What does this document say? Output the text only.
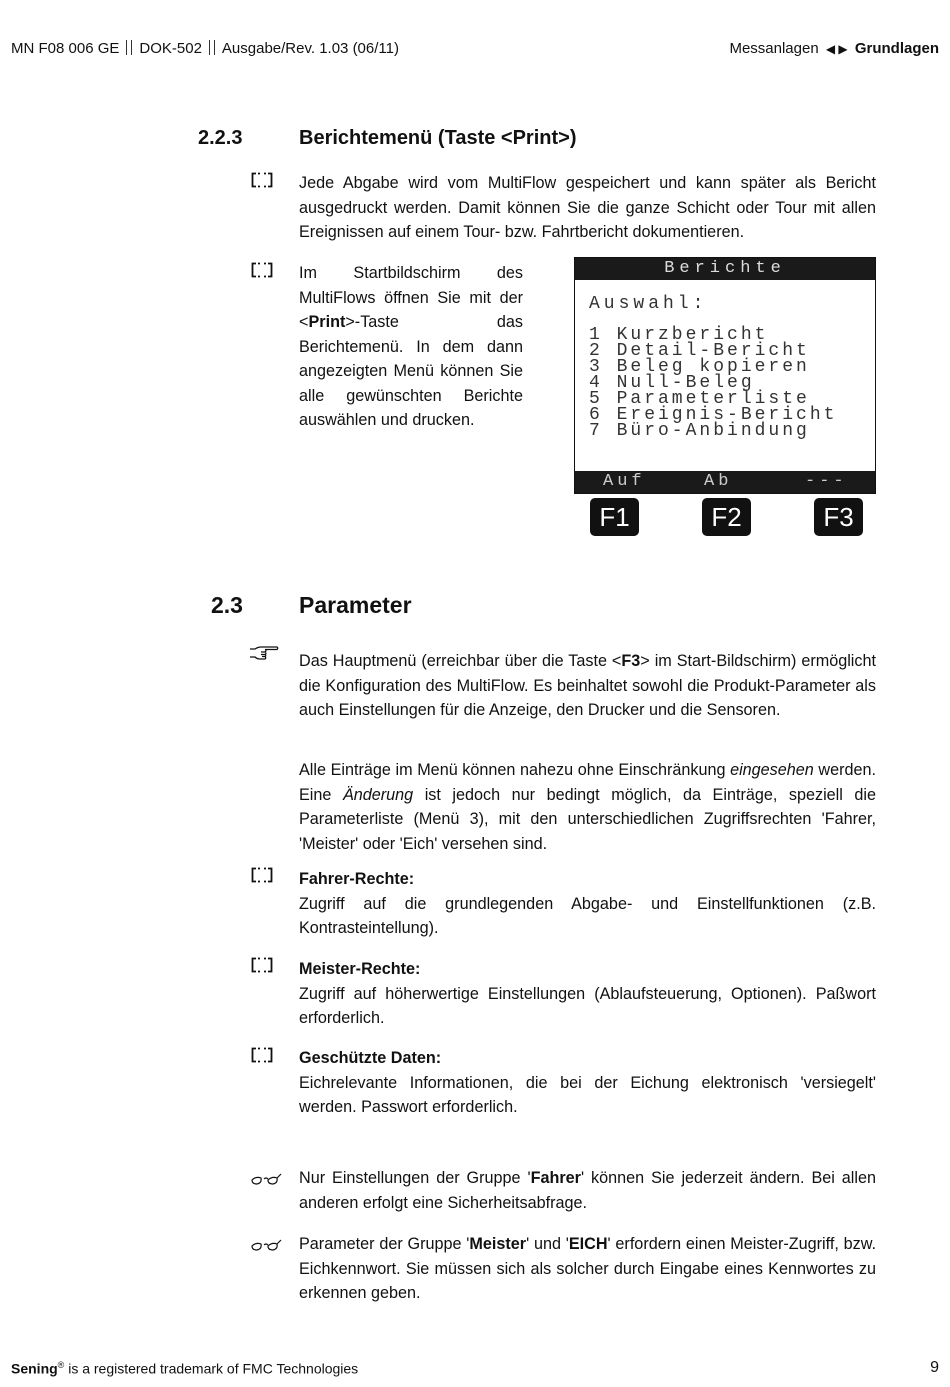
MN F08 006 GE DOK-502 Ausgabe/Rev. 1.03 (06/11)	Messanlagen ◀ ▶ Grundlagen
2.2.3	Berichtemenü (Taste <Print>)
Jede Abgabe wird vom MultiFlow gespeichert und kann später als Bericht ausgedruckt werden. Damit können Sie die ganze Schicht oder Tour mit allen Ereignissen auf einem Tour- bzw. Fahrtbericht dokumentieren.
Im Startbildschirm des MultiFlows öffnen Sie mit der <Print>-Taste das Berichtemenü. In dem dann angezeigten Menü können Sie alle gewünschten Berichte auswählen und drucken.
Berichte
Auswahl:
1 Kurzbericht
2 Detail-Bericht
3 Beleg kopieren
4 Null-Beleg
5 Parameterliste
6 Ereignis-Bericht
7 Büro-Anbindung
Auf	Ab	---
F1	F2	F3
2.3 Parameter
Das Hauptmenü (erreichbar über die Taste <F3> im Start-Bildschirm) ermöglicht die Konfiguration des MultiFlow. Es beinhaltet sowohl die Produkt-Parameter als auch Einstellungen für die Anzeige, den Drucker und die Sensoren.
Alle Einträge im Menü können nahezu ohne Einschränkung eingesehen werden. Eine Änderung ist jedoch nur bedingt möglich, da Einträge, speziell die Parameterliste (Menü 3), mit den unterschiedlichen Zugriffsrechten 'Fahrer, 'Meister' oder 'Eich' versehen sind.
Fahrer-Rechte:
Zugriff auf die grundlegenden Abgabe- und Einstellfunktionen (z.B. Kontrasteintellung).
Meister-Rechte:
Zugriff auf höherwertige Einstellungen (Ablaufsteuerung, Optionen). Paßwort erforderlich.
Geschützte Daten:
Eichrelevante Informationen, die bei der Eichung elektronisch 'versiegelt' werden. Passwort erforderlich.
Nur Einstellungen der Gruppe 'Fahrer' können Sie jederzeit ändern. Bei allen anderen erfolgt eine Sicherheitsabfrage.
Parameter der Gruppe 'Meister' und 'EICH' erfordern einen Meister-Zugriff, bzw. Eichkennwort. Sie müssen sich als solcher durch Eingabe eines Kennwortes zu erkennen geben.
Sening® is a registered trademark of FMC Technologies	9
